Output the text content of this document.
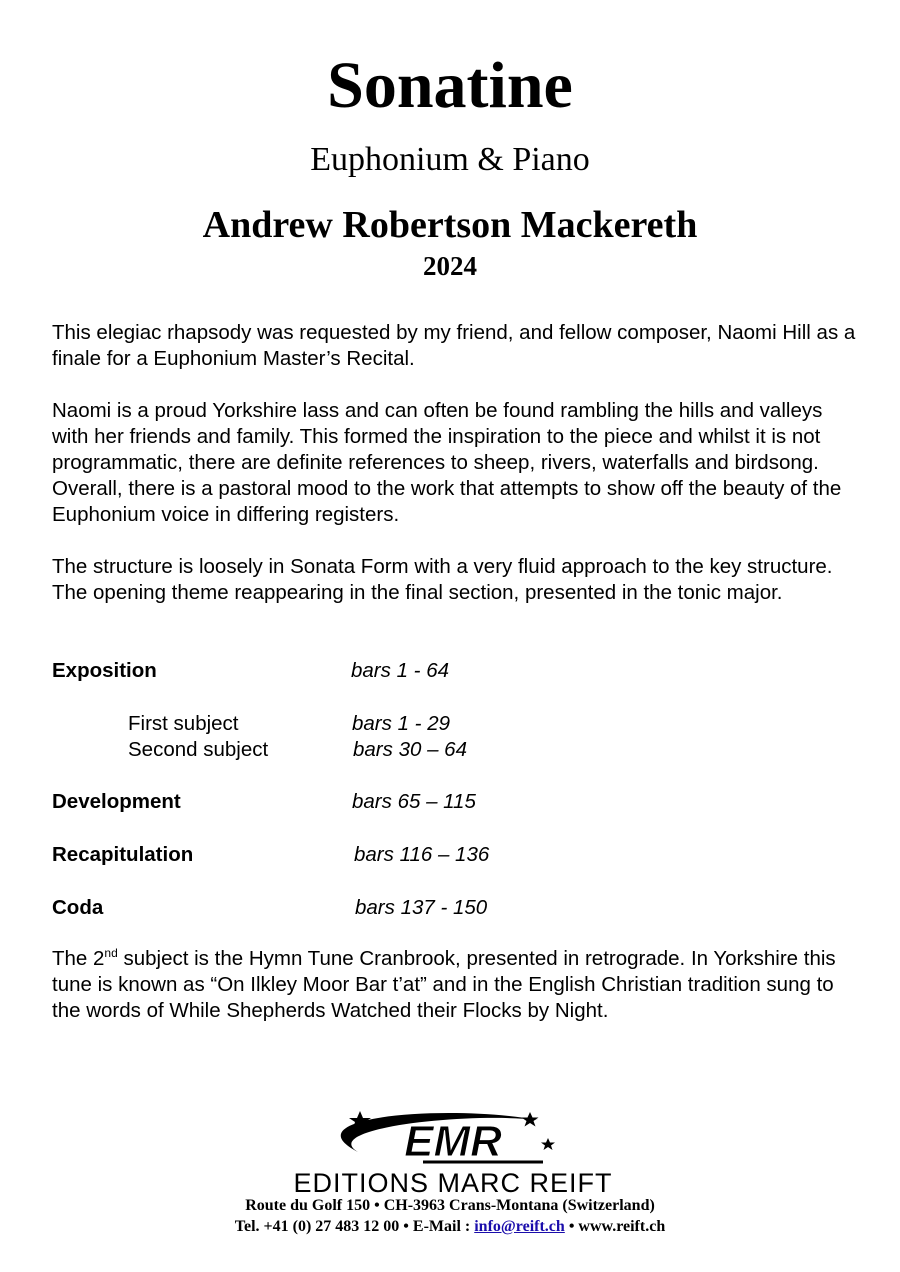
Sonatine
Euphonium & Piano
Andrew Robertson Mackereth
2024

This elegiac rhapsody was requested by my friend, and fellow composer, Naomi Hill as a finale for a Euphonium Master’s Recital.

Naomi is a proud Yorkshire lass and can often be found rambling the hills and valleys with her friends and family. This formed the inspiration to the piece and whilst it is not programmatic, there are definite references to sheep, rivers, waterfalls and birdsong. Overall, there is a pastoral mood to the work that attempts to show off the beauty of the Euphonium voice in differing registers.

The structure is loosely in Sonata Form with a very fluid approach to the key structure. The opening theme reappearing in the final section, presented in the tonic major.

Exposition	bars 1 - 64
First subject	bars 1 - 29
Second subject	bars 30 – 64
Development	bars 65 – 115
Recapitulation	bars 116 – 136
Coda	bars 137 - 150

The 2nd subject is the Hymn Tune Cranbrook, presented in retrograde. In Yorkshire this tune is known as “On Ilkley Moor Bar t’at” and in the English Christian tradition sung to the words of While Shepherds Watched their Flocks by Night.

EMR
EDITIONS MARC REIFT
Route du Golf 150 • CH-3963 Crans-Montana (Switzerland)
Tel. +41 (0) 27 483 12 00 • E-Mail : info@reift.ch • www.reift.ch
